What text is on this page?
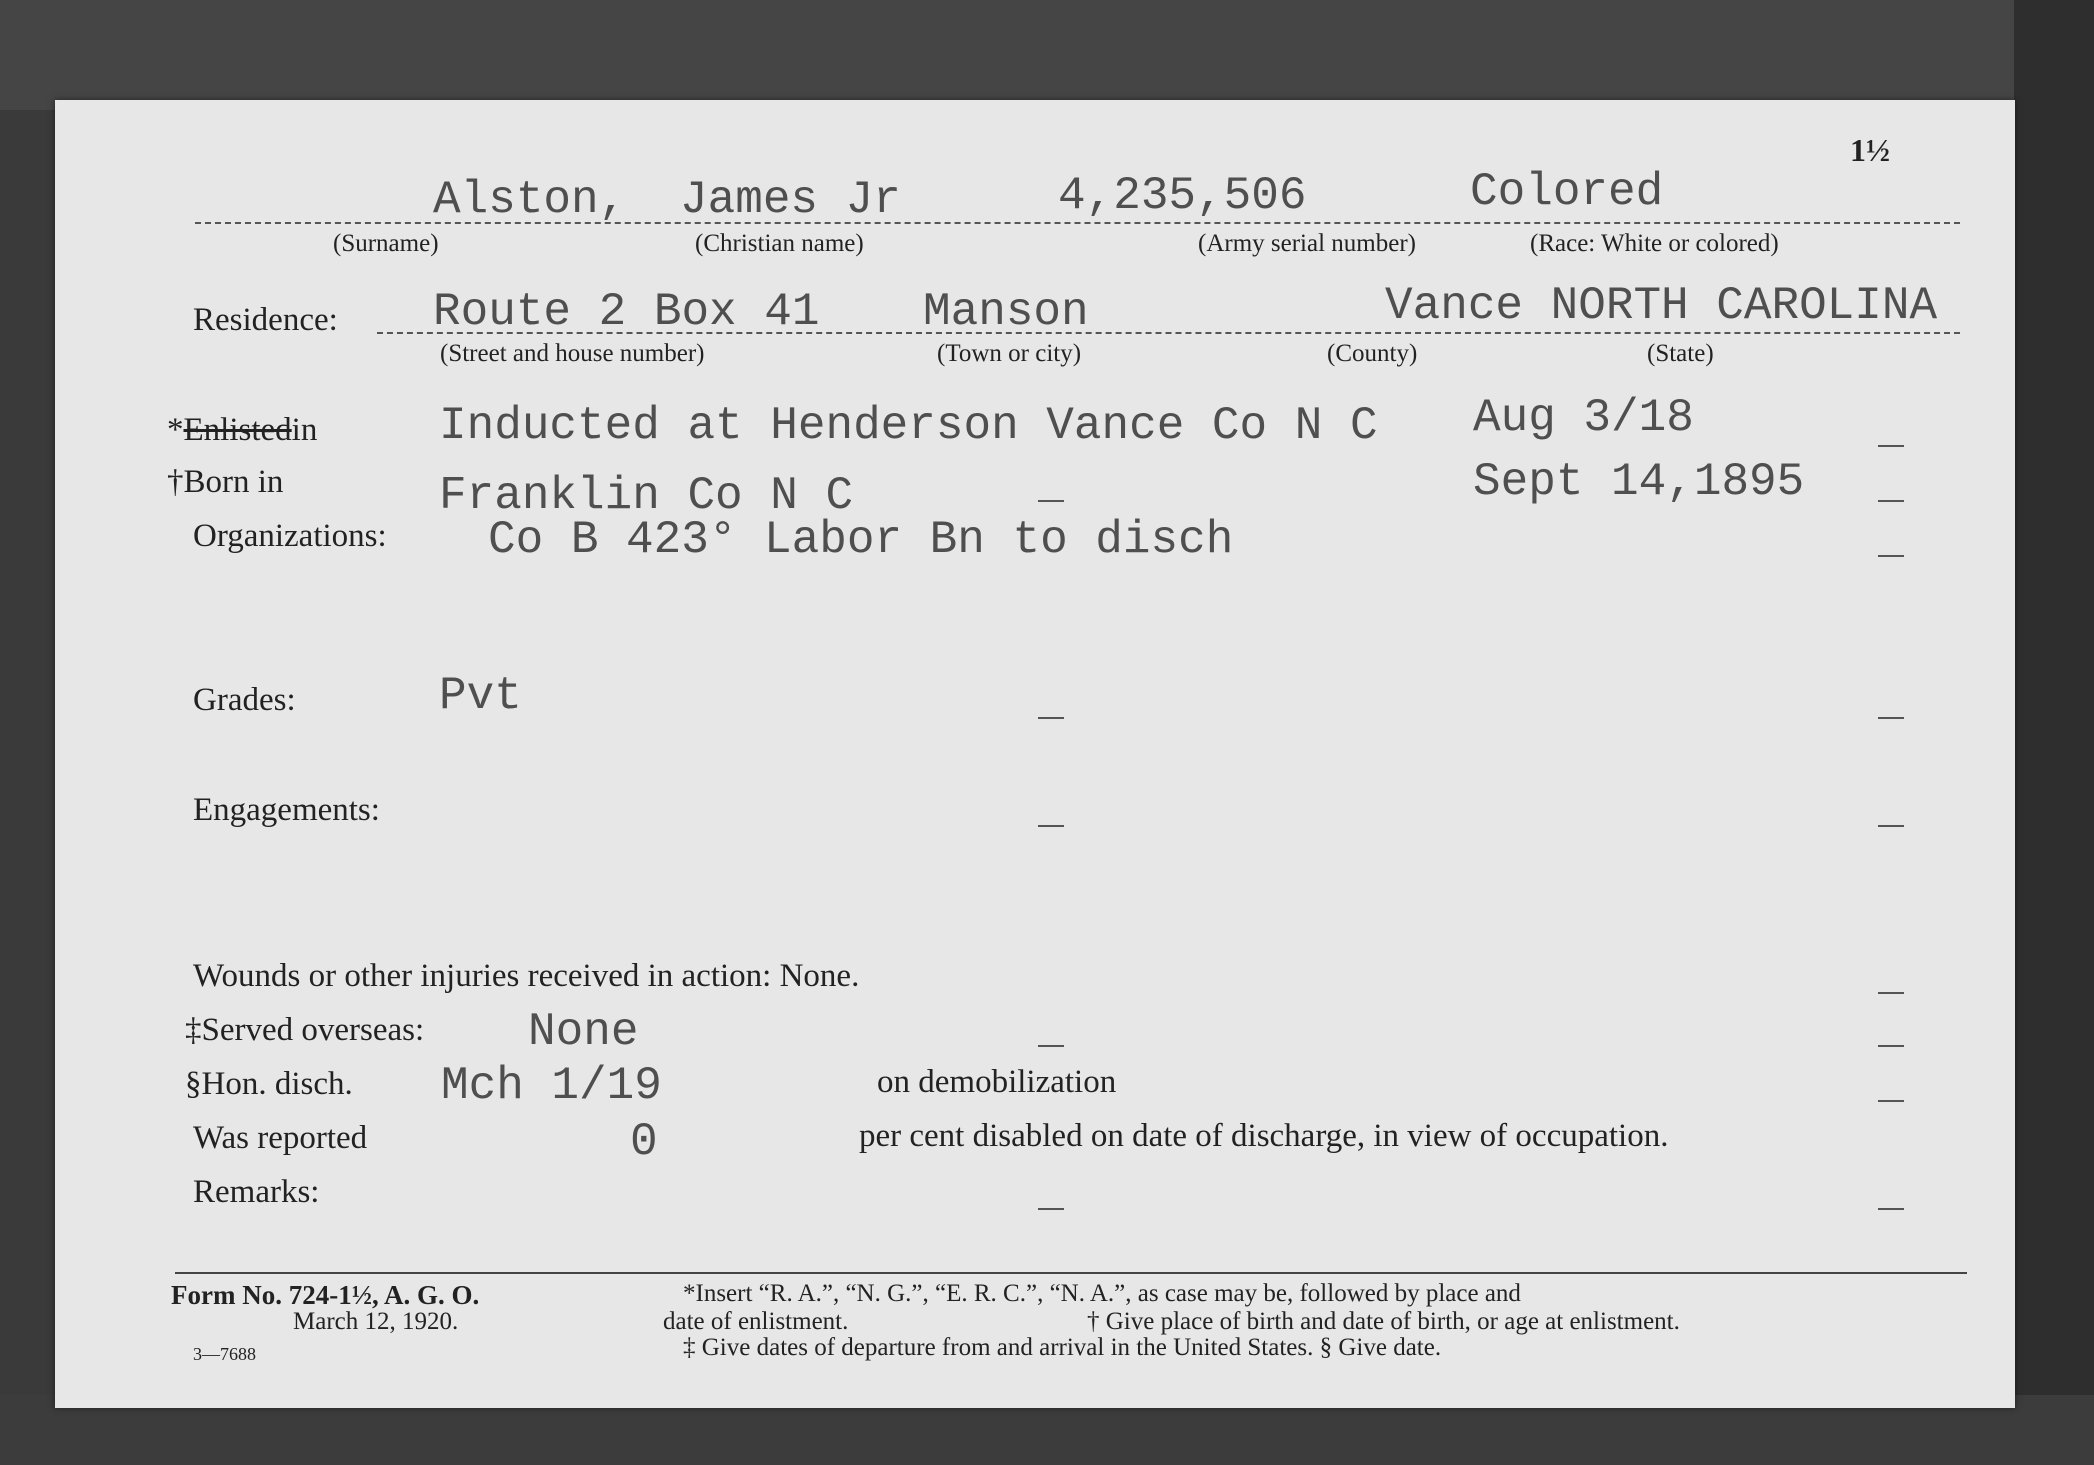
1½
Alston, James Jr	4,235,506	Colored
(Surname)	(Christian name)	(Army serial number)	(Race: White or colored)
Residence: Route 2 Box 41 Manson	Vance NORTH CAROLINA
(Street and house number)	(Town or city)	(County)	(State)
*Enlistedin	Inducted at Henderson Vance Co N C Aug 3/18
†Born in	Franklin Co N C	Sept 14,1895
Organizations: Co B 423° Labor Bn to disch
Grades:	Pvt
Engagements:
Wounds or other injuries received in action: None.
‡Served overseas: None
§Hon. disch. Mch 1/19	on demobilization
Was reported	0	per cent disabled on date of discharge, in view of occupation.
Remarks:
Form No. 724-1½, A. G. O.
March 12, 1920.
3—7688
*Insert “R. A.”, “N. G.”, “E. R. C.”, “N. A.”, as case may be, followed by place and
date of enlistment.	† Give place of birth and date of birth, or age at enlistment.
‡ Give dates of departure from and arrival in the United States. § Give date.
